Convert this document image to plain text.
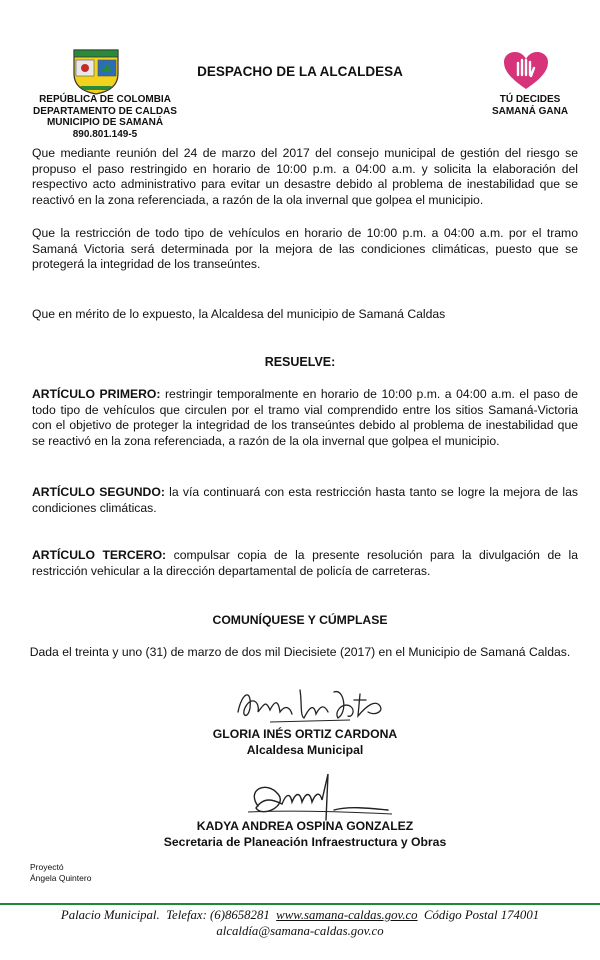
DESPACHO DE LA ALCALDESA
REPÚBLICA DE COLOMBIA
DEPARTAMENTO DE CALDAS
MUNICIPIO DE SAMANÁ
890.801.149-5
TÚ DECIDES
SAMANÁ GANA
Que mediante reunión del 24 de marzo del 2017 del consejo municipal de gestión del riesgo se propuso el paso restringido en horario de 10:00 p.m. a 04:00 a.m. y solicita la elaboración del respectivo acto administrativo para evitar un desastre debido al problema de inestabilidad que se reactivó en la zona referenciada, a razón de la ola invernal que golpea el municipio.
Que la restricción de todo tipo de vehículos en horario de 10:00 p.m. a 04:00 a.m. por el tramo Samaná Victoria será determinada por la mejora de las condiciones climáticas, puesto que se protegerá la integridad de los transeúntes.
Que en mérito de lo expuesto, la Alcaldesa del municipio de Samaná Caldas
RESUELVE:
ARTÍCULO PRIMERO: restringir temporalmente en horario de 10:00 p.m. a 04:00 a.m. el paso de todo tipo de vehículos que circulen por el tramo vial comprendido entre los sitios Samaná-Victoria con el objetivo de proteger la integridad de los transeúntes debido al problema de inestabilidad que se reactivó en la zona referenciada, a razón de la ola invernal que golpea el municipio.
ARTÍCULO SEGUNDO: la vía continuará con esta restricción hasta tanto se logre la mejora de las condiciones climáticas.
ARTÍCULO TERCERO: compulsar copia de la presente resolución para la divulgación de la restricción vehicular a la dirección departamental de policía de carreteras.
COMUNÍQUESE Y CÚMPLASE
Dada el treinta y uno (31) de marzo de dos mil Diecisiete (2017) en el Municipio de Samaná Caldas.
GLORIA INÉS ORTIZ CARDONA
Alcaldesa Municipal
KADYA ANDREA OSPINA GONZALEZ
Secretaria de Planeación Infraestructura y Obras
Proyectó
Ángela Quintero
Palacio Municipal. Telefax: (6)8658281 www.samana-caldas.gov.co Código Postal 174001
alcaldía@samana-caldas.gov.co
